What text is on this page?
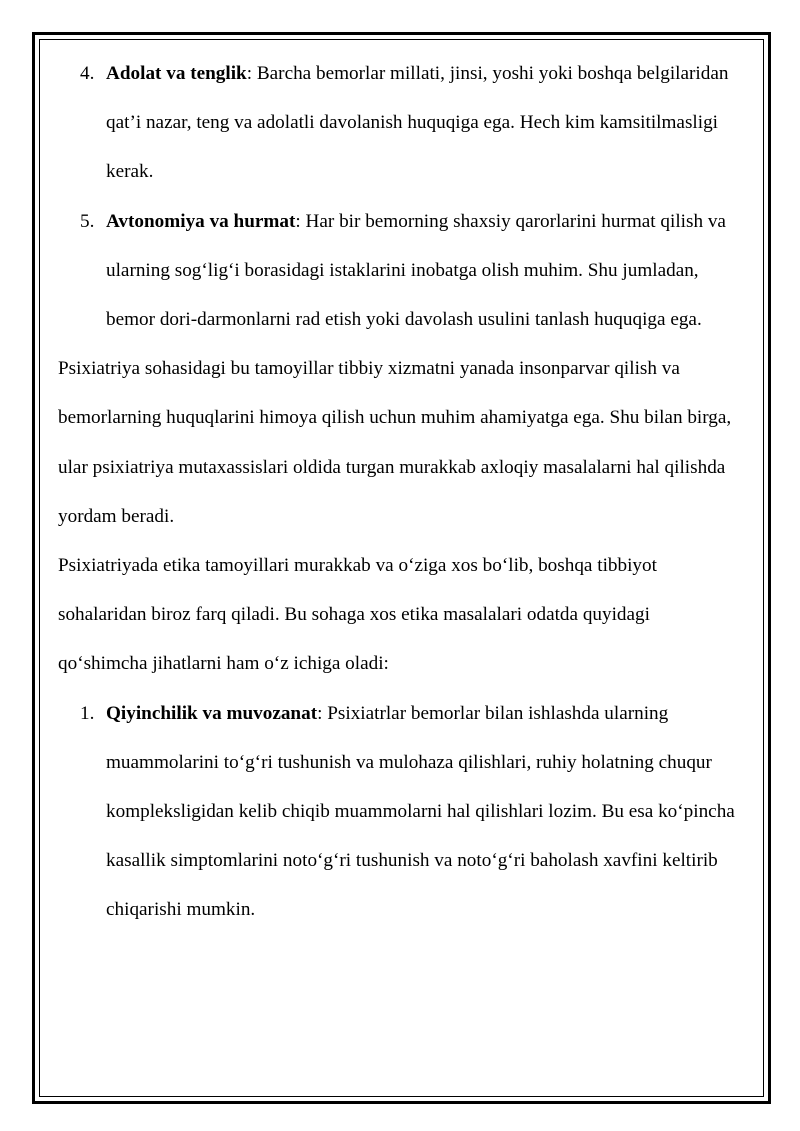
4. Adolat va tenglik: Barcha bemorlar millati, jinsi, yoshi yoki boshqa belgilaridan qat’i nazar, teng va adolatli davolanish huquqiga ega. Hech kim kamsitilmasligi kerak.
5. Avtonomiya va hurmat: Har bir bemorning shaxsiy qarorlarini hurmat qilish va ularning sog‘lig‘i borasidagi istaklarini inobatga olish muhim. Shu jumladan, bemor dori-darmonlarni rad etish yoki davolash usulini tanlash huquqiga ega.

Psixiatriya sohasidagi bu tamoyillar tibbiy xizmatni yanada insonparvar qilish va bemorlarning huquqlarini himoya qilish uchun muhim ahamiyatga ega. Shu bilan birga, ular psixiatriya mutaxassislari oldida turgan murakkab axloqiy masalalarni hal qilishda yordam beradi.

Psixiatriyada etika tamoyillari murakkab va o‘ziga xos bo‘lib, boshqa tibbiyot sohalaridan biroz farq qiladi. Bu sohaga xos etika masalalari odatda quyidagi qo‘shimcha jihatlarni ham o‘z ichiga oladi:

1. Qiyinchilik va muvozanat: Psixiatrlar bemorlar bilan ishlashda ularning muammolarini to‘g‘ri tushunish va mulohaza qilishlari, ruhiy holatning chuqur kompleksligidan kelib chiqib muammolarni hal qilishlari lozim. Bu esa ko‘pincha kasallik simptomlarini noto‘g‘ri tushunish va noto‘g‘ri baholash xavfini keltirib chiqarishi mumkin.
